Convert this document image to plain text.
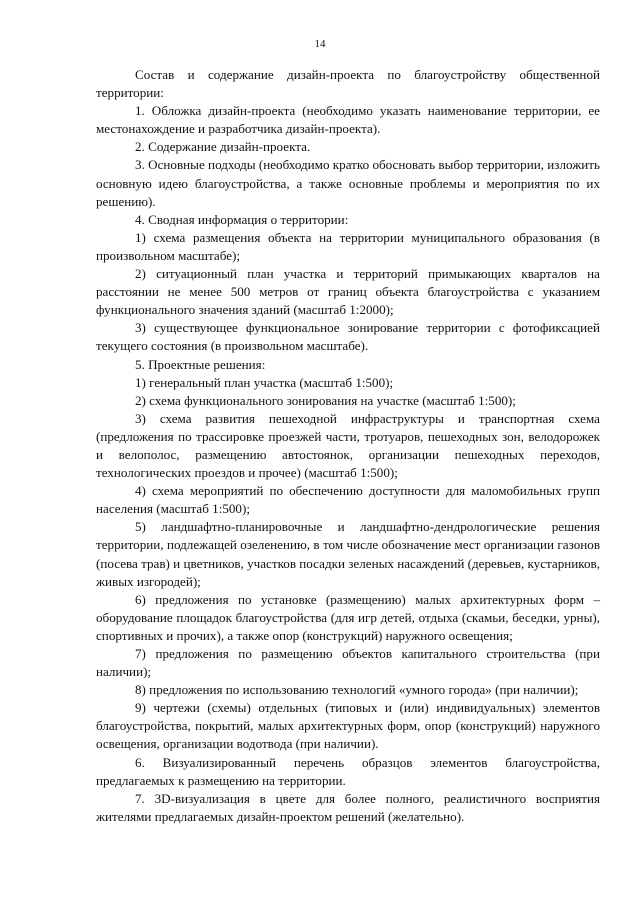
14

Состав и содержание дизайн-проекта по благоустройству общественной территории:

1. Обложка дизайн-проекта (необходимо указать наименование территории, ее местонахождение и разработчика дизайн-проекта).

2. Содержание дизайн-проекта.

3. Основные подходы (необходимо кратко обосновать выбор территории, изложить основную идею благоустройства, а также основные проблемы и мероприятия по их решению).

4. Сводная информация о территории:

1) схема размещения объекта на территории муниципального образования (в произвольном масштабе);

2) ситуационный план участка и территорий примыкающих кварталов на расстоянии не менее 500 метров от границ объекта благоустройства с указанием функционального значения зданий (масштаб 1:2000);

3) существующее функциональное зонирование территории с фотофиксацией текущего состояния (в произвольном масштабе).

5. Проектные решения:

1) генеральный план участка (масштаб 1:500);

2) схема функционального зонирования на участке (масштаб 1:500);

3) схема развития пешеходной инфраструктуры и транспортная схема (предложения по трассировке проезжей части, тротуаров, пешеходных зон, велодорожек и велополос, размещению автостоянок, организации пешеходных переходов, технологических проездов и прочее) (масштаб 1:500);

4) схема мероприятий по обеспечению доступности для маломобильных групп населения (масштаб 1:500);

5) ландшафтно-планировочные и ландшафтно-дендрологические решения территории, подлежащей озеленению, в том числе обозначение мест организации газонов (посева трав) и цветников, участков посадки зеленых насаждений (деревьев, кустарников, живых изгородей);

6) предложения по установке (размещению) малых архитектурных форм – оборудование площадок благоустройства (для игр детей, отдыха (скамьи, беседки, урны), спортивных и прочих), а также опор (конструкций) наружного освещения;

7) предложения по размещению объектов капитального строительства (при наличии);

8) предложения по использованию технологий «умного города» (при наличии);

9) чертежи (схемы) отдельных (типовых и (или) индивидуальных) элементов благоустройства, покрытий, малых архитектурных форм, опор (конструкций) наружного освещения, организации водотвода (при наличии).

6. Визуализированный перечень образцов элементов благоустройства, предлагаемых к размещению на территории.

7. 3D-визуализация в цвете для более полного, реалистичного восприятия жителями предлагаемых дизайн-проектом решений (желательно).
